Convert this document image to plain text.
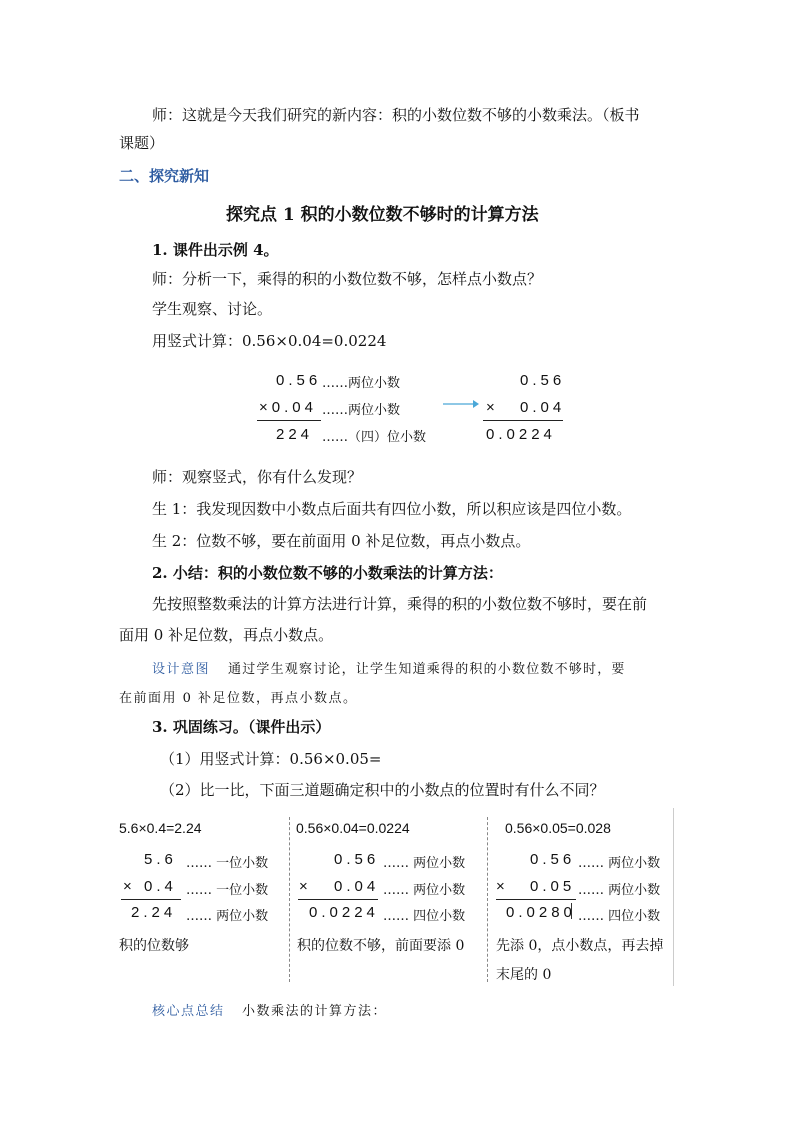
师：这就是今天我们研究的新内容：积的小数位数不够的小数乘法。（板书
课题）
二、探究新知
探究点 1 积的小数位数不够时的计算方法
1. 课件出示例 4。
师：分析一下，乘得的积的小数位数不够，怎样点小数点？
学生观察、讨论。
用竖式计算：0.56×0.04=0.0224
0.56 ……两位小数
×0.04 ……两位小数
224 ……（四）位小数
0.56
× 0.04
0.0224
师：观察竖式，你有什么发现？
生 1：我发现因数中小数点后面共有四位小数，所以积应该是四位小数。
生 2：位数不够，要在前面用 0 补足位数，再点小数点。
2. 小结：积的小数位数不够的小数乘法的计算方法：
先按照整数乘法的计算方法进行计算，乘得的积的小数位数不够时，要在前
面用 0 补足位数，再点小数点。
设计意图 通过学生观察讨论，让学生知道乘得的积的小数位数不够时，要
在前面用 0 补足位数，再点小数点。
3. 巩固练习。（课件出示）
（1）用竖式计算：0.56×0.05=
（2）比一比，下面三道题确定积中的小数点的位置时有什么不同？
5.6×0.4=2.24
5.6 …… 一位小数
× 0.4 …… 一位小数
2.24 …… 两位小数
积的位数够
0.56×0.04=0.0224
0.56 …… 两位小数
× 0.04 …… 两位小数
0.0224 …… 四位小数
积的位数不够，前面要添 0
0.56×0.05=0.028
0.56 …… 两位小数
× 0.05 …… 两位小数
0.0280 …… 四位小数
先添 0，点小数点，再去掉
末尾的 0
核心点总结 小数乘法的计算方法：
